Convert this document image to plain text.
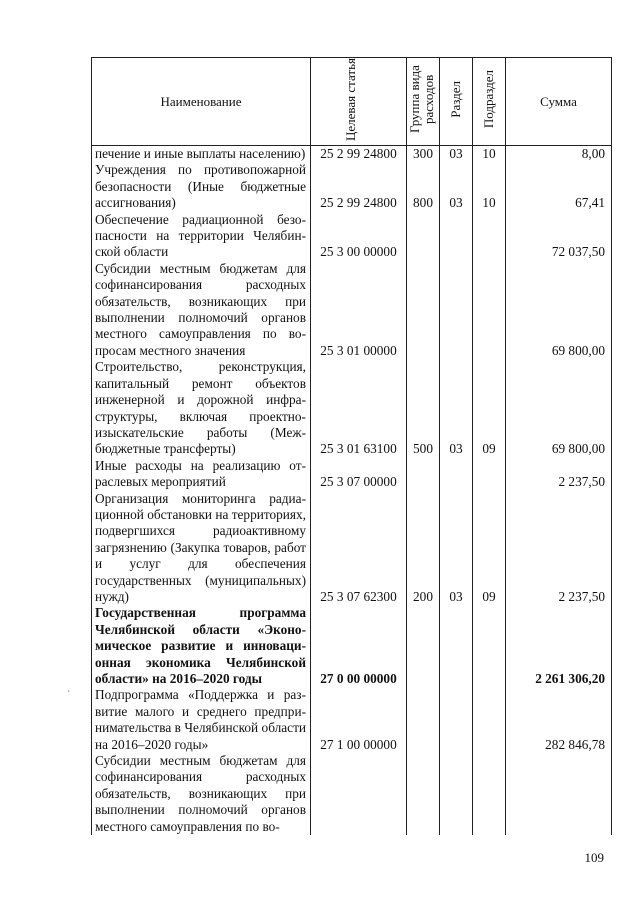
Наименование	Целевая статья	Группа вида расходов	Раздел	Подраздел	Сумма
печение и иные выплаты населению)	25 2 99 24800	300	03	10	8,00
Учреждения по противопожарной безопасности (Иные бюджетные ассигнования)	25 2 99 24800	800	03	10	67,41
Обеспечение радиационной безопасности на территории Челябинской области	25 3 00 00000				72 037,50
Субсидии местным бюджетам для софинансирования расходных обязательств, возникающих при выполнении полномочий органов местного самоуправления по вопросам местного значения	25 3 01 00000				69 800,00
Строительство, реконструкция, капитальный ремонт объектов инженерной и дорожной инфраструктуры, включая проектно-изыскательские работы (Межбюджетные трансферты)	25 3 01 63100	500	03	09	69 800,00
Иные расходы на реализацию отраслевых мероприятий	25 3 07 00000				2 237,50
Организация мониторинга радиационной обстановки на территориях, подвергшихся радиоактивному загрязнению (Закупка товаров, работ и услуг для обеспечения государственных (муниципальных) нужд)	25 3 07 62300	200	03	09	2 237,50
Государственная программа Челябинской области «Экономическое развитие и инновационная экономика Челябинской области» на 2016–2020 годы	27 0 00 00000				2 261 306,20
Подпрограмма «Поддержка и развитие малого и среднего предпринимательства в Челябинской области на 2016–2020 годы»	27 1 00 00000				282 846,78
Субсидии местным бюджетам для софинансирования расходных обязательств, возникающих при выполнении полномочий органов местного самоуправления по во-					
`
109
